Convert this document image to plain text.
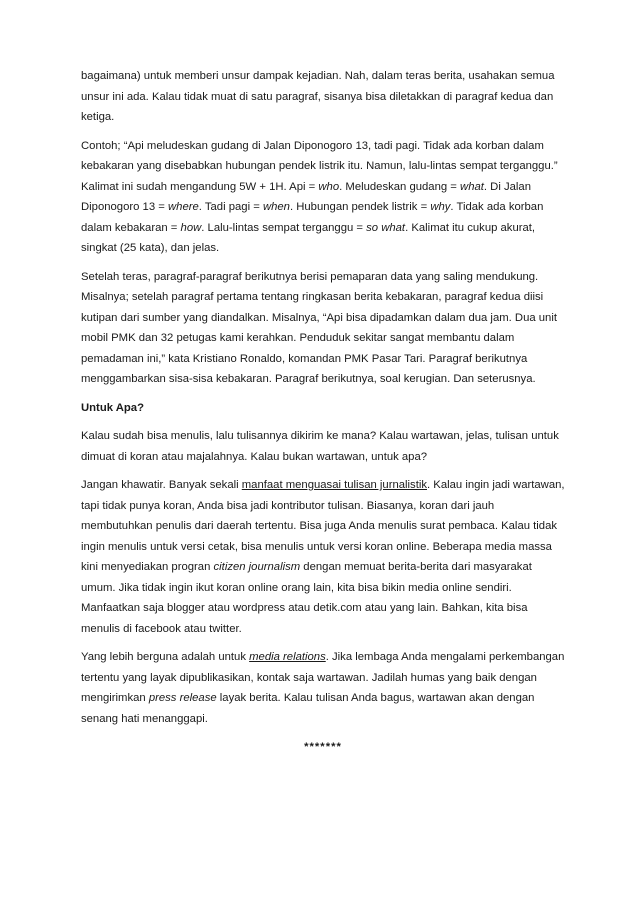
bagaimana) untuk memberi unsur dampak kejadian. Nah, dalam teras berita, usahakan semua unsur ini ada. Kalau tidak muat di satu paragraf, sisanya bisa diletakkan di paragraf kedua dan ketiga.

Contoh; “Api meludeskan gudang di Jalan Diponogoro 13, tadi pagi. Tidak ada korban dalam kebakaran yang disebabkan hubungan pendek listrik itu. Namun, lalu-lintas sempat terganggu.” Kalimat ini sudah mengandung 5W + 1H. Api = who. Meludeskan gudang = what. Di Jalan Diponogoro 13 = where. Tadi pagi = when. Hubungan pendek listrik = why. Tidak ada korban dalam kebakaran = how. Lalu-lintas sempat terganggu = so what. Kalimat itu cukup akurat, singkat (25 kata), dan jelas.

Setelah teras, paragraf-paragraf berikutnya berisi pemaparan data yang saling mendukung. Misalnya; setelah paragraf pertama tentang ringkasan berita kebakaran, paragraf kedua diisi kutipan dari sumber yang diandalkan. Misalnya, “Api bisa dipadamkan dalam dua jam. Dua unit mobil PMK dan 32 petugas kami kerahkan. Penduduk sekitar sangat membantu dalam pemadaman ini,” kata Kristiano Ronaldo, komandan PMK Pasar Tari. Paragraf berikutnya menggambarkan sisa-sisa kebakaran. Paragraf berikutnya, soal kerugian. Dan seterusnya.

Untuk Apa?

Kalau sudah bisa menulis, lalu tulisannya dikirim ke mana? Kalau wartawan, jelas, tulisan untuk dimuat di koran atau majalahnya. Kalau bukan wartawan, untuk apa?

Jangan khawatir. Banyak sekali manfaat menguasai tulisan jurnalistik. Kalau ingin jadi wartawan, tapi tidak punya koran, Anda bisa jadi kontributor tulisan. Biasanya, koran dari jauh membutuhkan penulis dari daerah tertentu. Bisa juga Anda menulis surat pembaca. Kalau tidak ingin menulis untuk versi cetak, bisa menulis untuk versi koran online. Beberapa media massa kini menyediakan progran citizen journalism dengan memuat berita-berita dari masyarakat umum. Jika tidak ingin ikut koran online orang lain, kita bisa bikin media online sendiri. Manfaatkan saja blogger atau wordpress atau detik.com atau yang lain. Bahkan, kita bisa menulis di facebook atau twitter.

Yang lebih berguna adalah untuk media relations. Jika lembaga Anda mengalami perkembangan tertentu yang layak dipublikasikan, kontak saja wartawan. Jadilah humas yang baik dengan mengirimkan press release layak berita. Kalau tulisan Anda bagus, wartawan akan dengan senang hati menanggapi.

*******
